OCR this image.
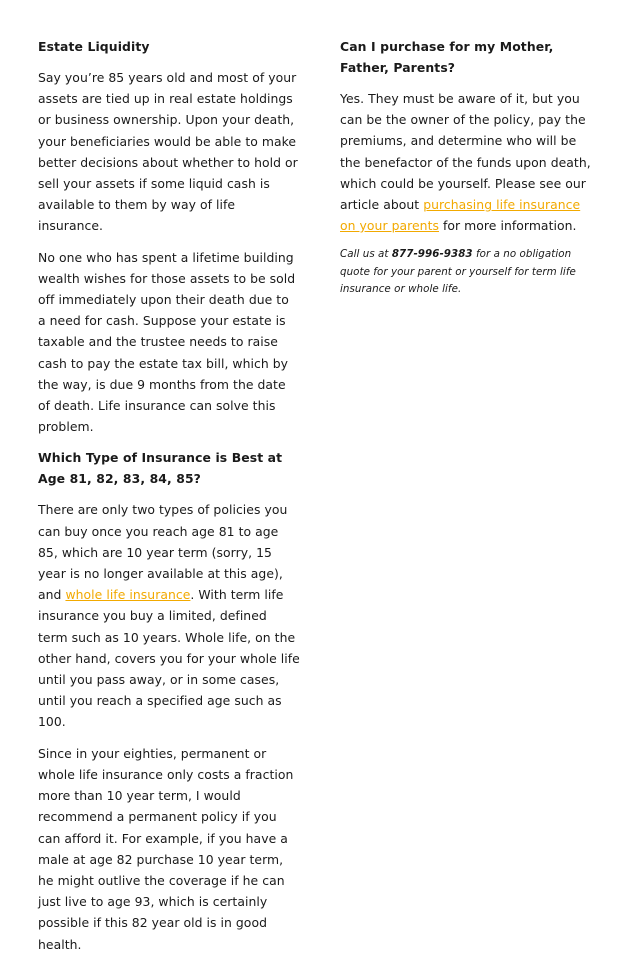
Estate Liquidity

Say you’re 85 years old and most of your assets are tied up in real estate holdings or business ownership. Upon your death, your beneficiaries would be able to make better decisions about whether to hold or sell your assets if some liquid cash is available to them by way of life insurance.

No one who has spent a lifetime building wealth wishes for those assets to be sold off immediately upon their death due to a need for cash. Suppose your estate is taxable and the trustee needs to raise cash to pay the estate tax bill, which by the way, is due 9 months from the date of death. Life insurance can solve this problem.

Which Type of Insurance is Best at Age 81, 82, 83, 84, 85?

There are only two types of policies you can buy once you reach age 81 to age 85, which are 10 year term (sorry, 15 year is no longer available at this age), and whole life insurance. With term life insurance you buy a limited, defined term such as 10 years. Whole life, on the other hand, covers you for your whole life until you pass away, or in some cases, until you reach a specified age such as 100.

Since in your eighties, permanent or whole life insurance only costs a fraction more than 10 year term, I would recommend a permanent policy if you can afford it. For example, if you have a male at age 82 purchase 10 year term, he might outlive the coverage if he can just live to age 93, which is certainly possible if this 82 year old is in good health.

Can I purchase for my Mother, Father, Parents?

Yes. They must be aware of it, but you can be the owner of the policy, pay the premiums, and determine who will be the benefactor of the funds upon death, which could be yourself. Please see our article about purchasing life insurance on your parents for more information.

Call us at 877-996-9383 for a no obligation quote for your parent or yourself for term life insurance or whole life.
